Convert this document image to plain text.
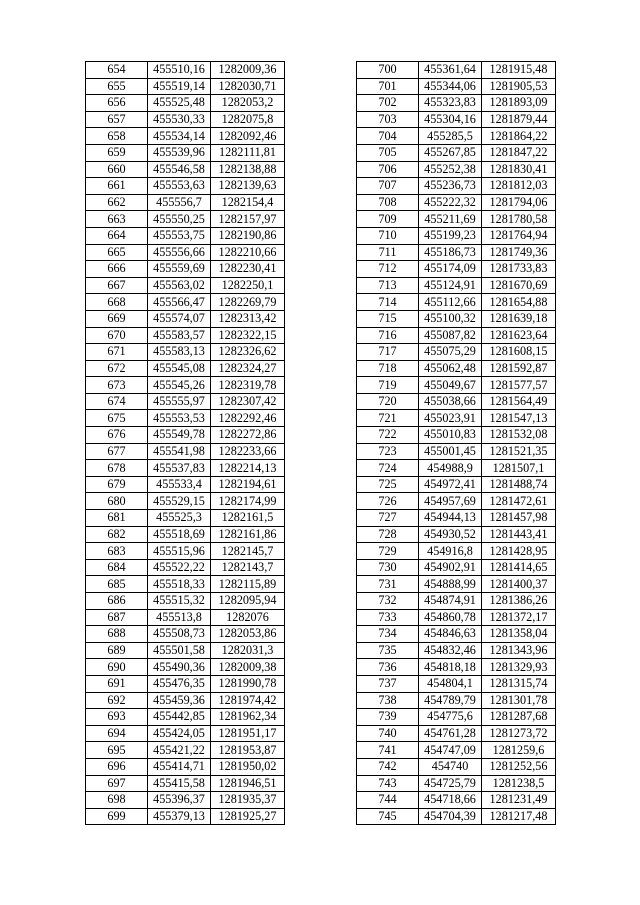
654	455510,16	1282009,36
655	455519,14	1282030,71
656	455525,48	1282053,2
657	455530,33	1282075,8
658	455534,14	1282092,46
659	455539,96	1282111,81
660	455546,58	1282138,88
661	455553,63	1282139,63
662	455556,7	1282154,4
663	455550,25	1282157,97
664	455553,75	1282190,86
665	455556,66	1282210,66
666	455559,69	1282230,41
667	455563,02	1282250,1
668	455566,47	1282269,79
669	455574,07	1282313,42
670	455583,57	1282322,15
671	455583,13	1282326,62
672	455545,08	1282324,27
673	455545,26	1282319,78
674	455555,97	1282307,42
675	455553,53	1282292,46
676	455549,78	1282272,86
677	455541,98	1282233,66
678	455537,83	1282214,13
679	455533,4	1282194,61
680	455529,15	1282174,99
681	455525,3	1282161,5
682	455518,69	1282161,86
683	455515,96	1282145,7
684	455522,22	1282143,7
685	455518,33	1282115,89
686	455515,32	1282095,94
687	455513,8	1282076
688	455508,73	1282053,86
689	455501,58	1282031,3
690	455490,36	1282009,38
691	455476,35	1281990,78
692	455459,36	1281974,42
693	455442,85	1281962,34
694	455424,05	1281951,17
695	455421,22	1281953,87
696	455414,71	1281950,02
697	455415,58	1281946,51
698	455396,37	1281935,37
699	455379,13	1281925,27
700	455361,64	1281915,48
701	455344,06	1281905,53
702	455323,83	1281893,09
703	455304,16	1281879,44
704	455285,5	1281864,22
705	455267,85	1281847,22
706	455252,38	1281830,41
707	455236,73	1281812,03
708	455222,32	1281794,06
709	455211,69	1281780,58
710	455199,23	1281764,94
711	455186,73	1281749,36
712	455174,09	1281733,83
713	455124,91	1281670,69
714	455112,66	1281654,88
715	455100,32	1281639,18
716	455087,82	1281623,64
717	455075,29	1281608,15
718	455062,48	1281592,87
719	455049,67	1281577,57
720	455038,66	1281564,49
721	455023,91	1281547,13
722	455010,83	1281532,08
723	455001,45	1281521,35
724	454988,9	1281507,1
725	454972,41	1281488,74
726	454957,69	1281472,61
727	454944,13	1281457,98
728	454930,52	1281443,41
729	454916,8	1281428,95
730	454902,91	1281414,65
731	454888,99	1281400,37
732	454874,91	1281386,26
733	454860,78	1281372,17
734	454846,63	1281358,04
735	454832,46	1281343,96
736	454818,18	1281329,93
737	454804,1	1281315,74
738	454789,79	1281301,78
739	454775,6	1281287,68
740	454761,28	1281273,72
741	454747,09	1281259,6
742	454740	1281252,56
743	454725,79	1281238,5
744	454718,66	1281231,49
745	454704,39	1281217,48
